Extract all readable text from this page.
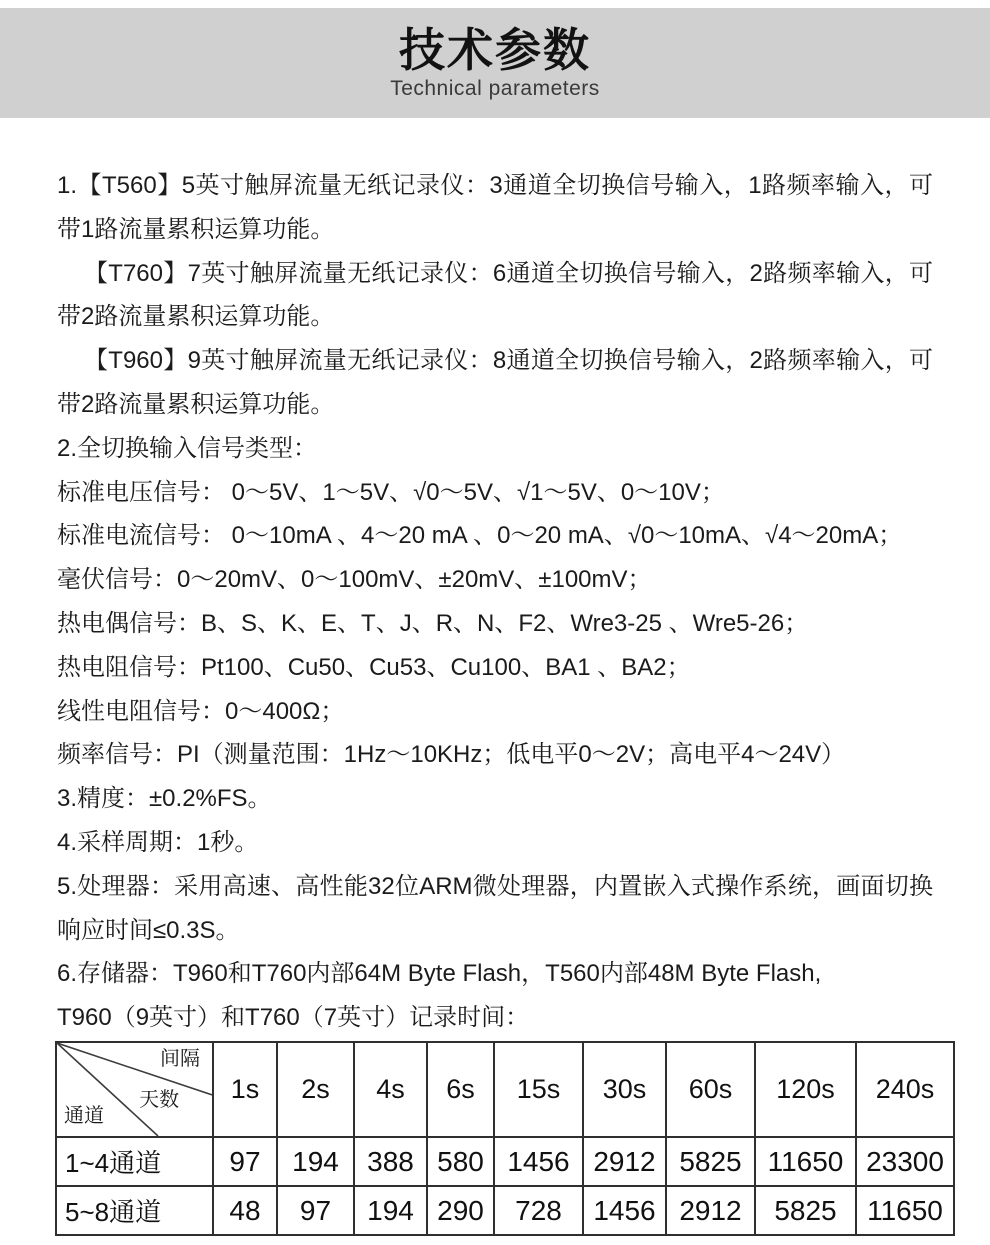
技术参数
Technical parameters
1.【T560】5英寸触屏流量无纸记录仪：3通道全切换信号输入，1路频率输入，可
带1路流量累积运算功能。
【T760】7英寸触屏流量无纸记录仪：6通道全切换信号输入，2路频率输入，可
带2路流量累积运算功能。
【T960】9英寸触屏流量无纸记录仪：8通道全切换信号输入，2路频率输入，可
带2路流量累积运算功能。
2.全切换输入信号类型：
标准电压信号： 0～5V、1～5V、√0～5V、√1～5V、0～10V；
标准电流信号： 0～10mA 、4～20 mA 、0～20 mA、√0～10mA、√4～20mA；
毫伏信号：0～20mV、0～100mV、±20mV、±100mV；
热电偶信号：B、S、K、E、T、J、R、N、F2、Wre3-25 、Wre5-26；
热电阻信号：Pt100、Cu50、Cu53、Cu100、BA1 、BA2；
线性电阻信号：0～400Ω；
频率信号：PI（测量范围：1Hz～10KHz；低电平0～2V；高电平4～24V）
3.精度：±0.2%FS。
4.采样周期：1秒。
5.处理器：采用高速、高性能32位ARM微处理器，内置嵌入式操作系统，画面切换
响应时间≤0.3S。
6.存储器：T960和T760内部64M Byte Flash，T560内部48M Byte Flash,
T960（9英寸）和T760（7英寸）记录时间：
间隔
天数
通道	1s	2s	4s	6s	15s	30s	60s	120s	240s
1~4通道	97	194	388	580	1456	2912	5825	11650	23300
5~8通道	48	97	194	290	728	1456	2912	5825	11650
